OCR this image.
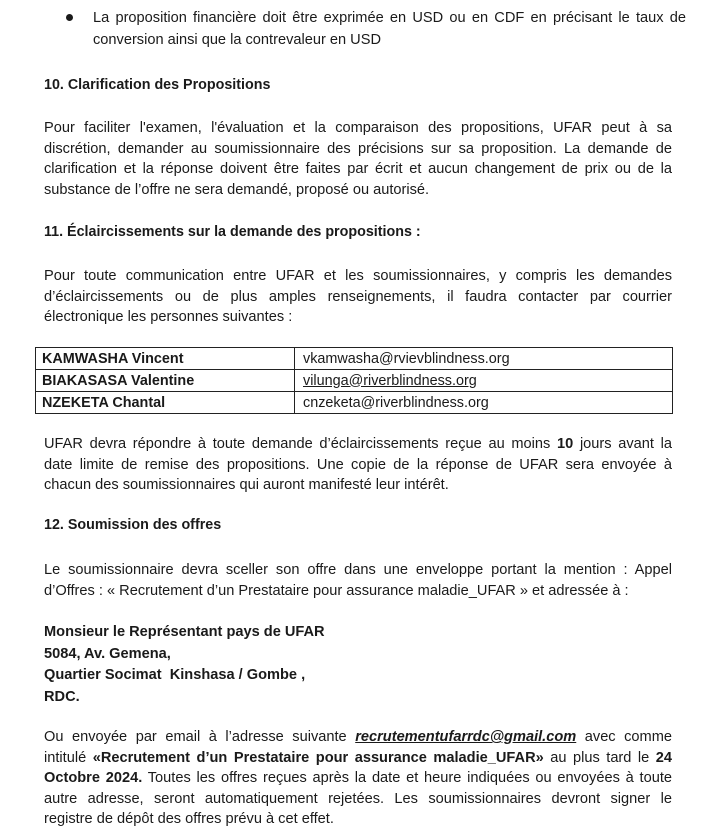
La proposition financière doit être exprimée en USD ou en CDF en précisant le taux de
conversion ainsi que la contrevaleur en USD
10. Clarification des Propositions
Pour faciliter l'examen, l'évaluation et la comparaison des propositions, UFAR peut à sa
discrétion, demander au soumissionnaire des précisions sur sa proposition. La demande de
clarification et la réponse doivent être faites par écrit et aucun changement de prix ou de la
substance de l’offre ne sera demandé, proposé ou autorisé.
11. Éclaircissements sur la demande des propositions :
Pour toute communication entre UFAR et les soumissionnaires, y compris les demandes
d’éclaircissements ou de plus amples renseignements, il faudra contacter par courrier
électronique les personnes suivantes :
KAMWASHA Vincent	vkamwasha@rvievblindness.org
BIAKASASA Valentine	vilunga@riverblindness.org
NZEKETA Chantal	cnzeketa@riverblindness.org
UFAR devra répondre à toute demande d’éclaircissements reçue au moins 10 jours avant la
date limite de remise des propositions. Une copie de la réponse de UFAR sera envoyée à
chacun des soumissionnaires qui auront manifesté leur intérêt.
12. Soumission des offres
Le soumissionnaire devra sceller son offre dans une enveloppe portant la mention : Appel
d’Offres : « Recrutement d’un Prestataire pour assurance maladie_UFAR » et adressée à :
Monsieur le Représentant pays de UFAR
5084, Av. Gemena,
Quartier Socimat  Kinshasa / Gombe ,
RDC.
Ou envoyée par email à l’adresse suivante recrutementufarrdc@gmail.com avec comme
intitulé «Recrutement d’un Prestataire pour assurance maladie_UFAR» au plus tard le 24
Octobre 2024. Toutes les offres reçues après la date et heure indiquées ou envoyées à toute
autre adresse, seront automatiquement rejetées. Les soumissionnaires devront signer le
registre de dépôt des offres prévu à cet effet.
